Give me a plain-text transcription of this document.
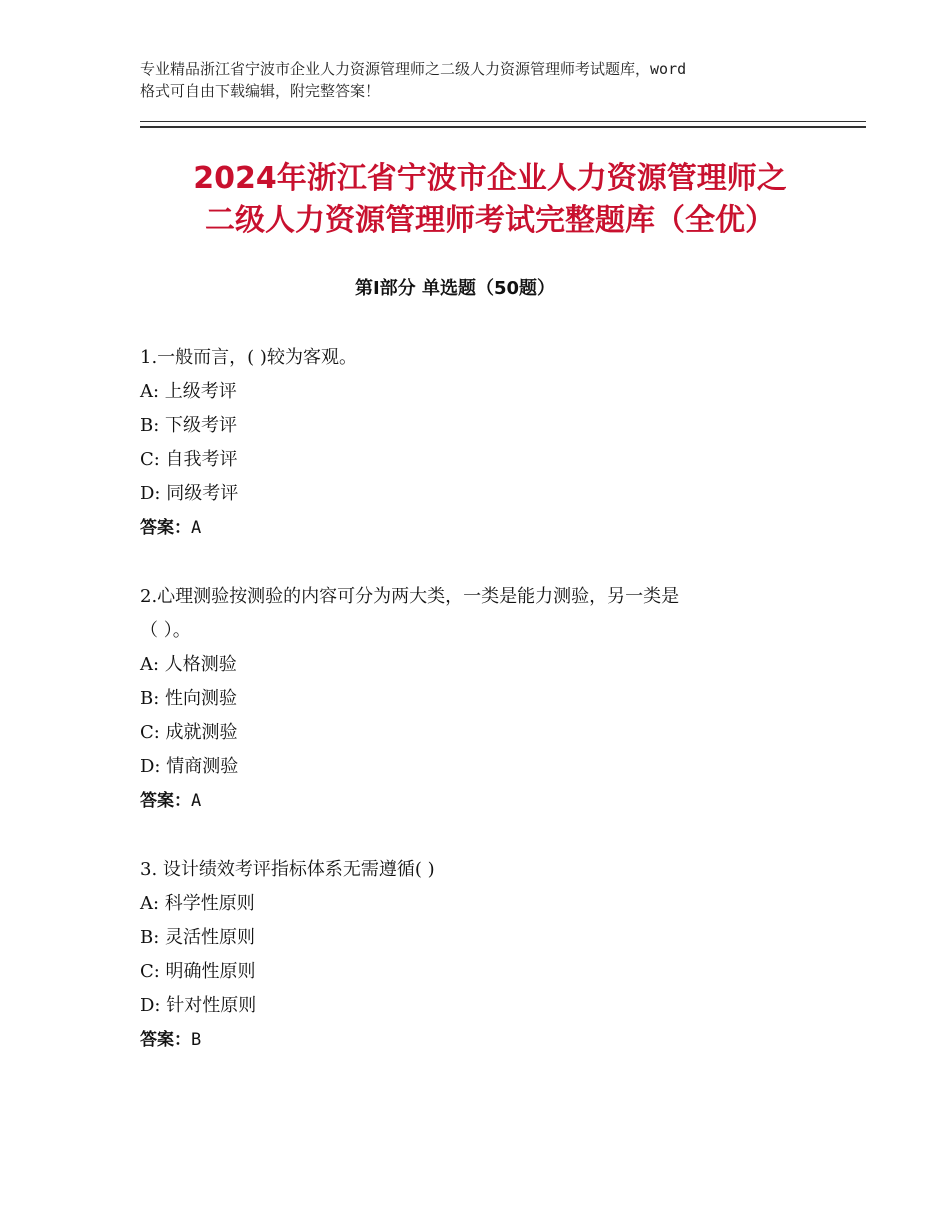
专业精品浙江省宁波市企业人力资源管理师之二级人力资源管理师考试题库，word
格式可自由下载编辑，附完整答案！
2024年浙江省宁波市企业人力资源管理师之
二级人力资源管理师考试完整题库（全优）
第Ⅰ部分 单选题（50题）

1.一般而言，( )较为客观。

A: 上级考评

B: 下级考评

C: 自我考评

D: 同级考评

答案：A

2.心理测验按测验的内容可分为两大类，一类是能力测验，另一类是

（ ）。

A: 人格测验

B: 性向测验

C: 成就测验

D: 情商测验

答案：A

3. 设计绩效考评指标体系无需遵循( )

A: 科学性原则

B: 灵活性原则

C: 明确性原则

D: 针对性原则

答案：B
